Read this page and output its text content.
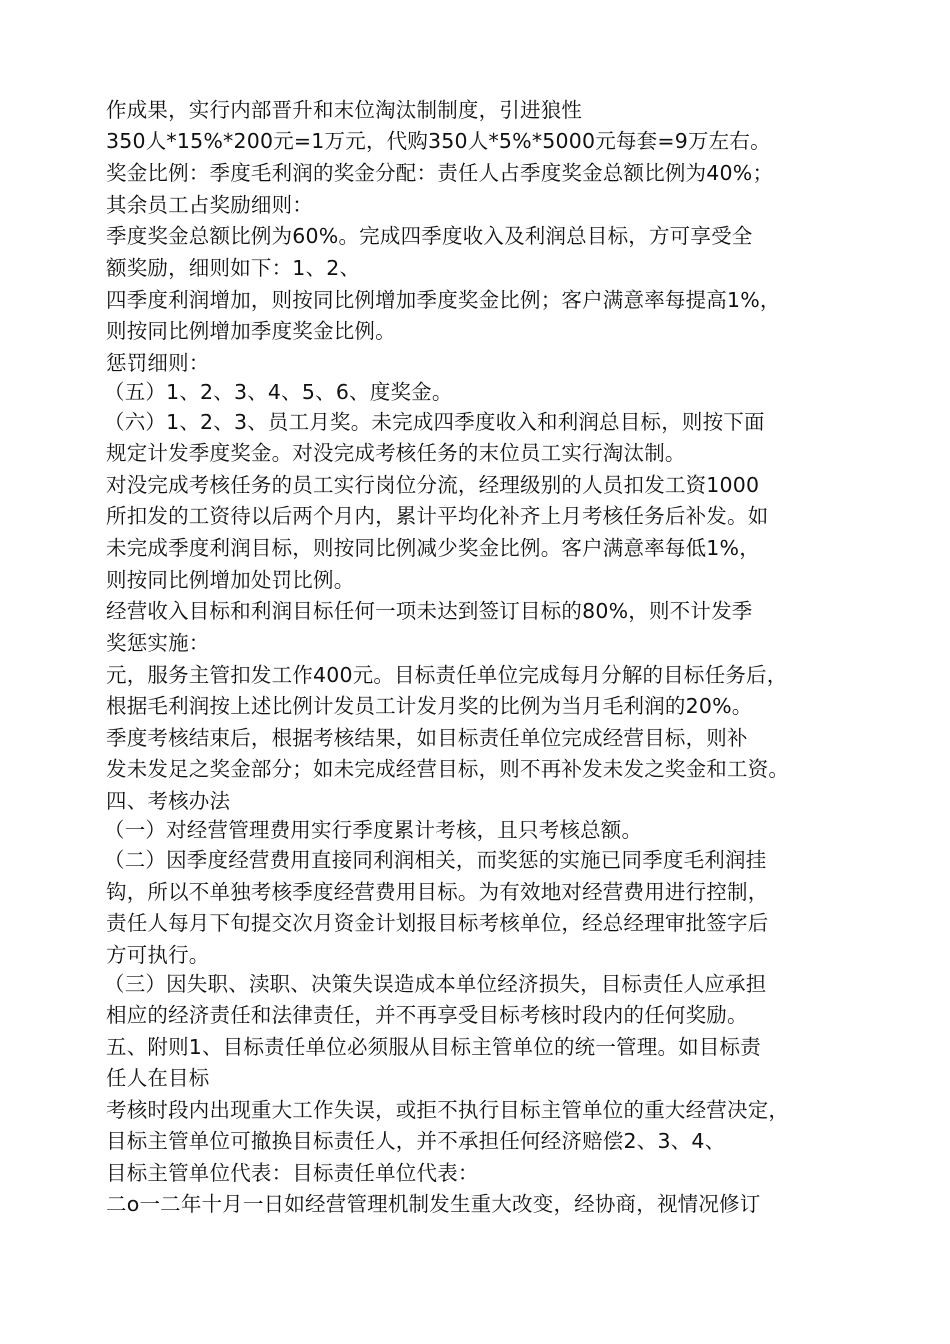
作成果，实行内部晋升和末位淘汰制制度，引进狼性
350人*15%*200元=1万元，代购350人*5%*5000元每套=9万左右。
奖金比例：季度毛利润的奖金分配：责任人占季度奖金总额比例为40%；
其余员工占奖励细则：
季度奖金总额比例为60%。完成四季度收入及利润总目标，方可享受全
额奖励，细则如下：1、2、
四季度利润增加，则按同比例增加季度奖金比例；客户满意率每提高1%，
则按同比例增加季度奖金比例。
惩罚细则：
（五）1、2、3、4、5、6、度奖金。
（六）1、2、3、员工月奖。未完成四季度收入和利润总目标，则按下面
规定计发季度奖金。对没完成考核任务的末位员工实行淘汰制。
对没完成考核任务的员工实行岗位分流，经理级别的人员扣发工资1000
所扣发的工资待以后两个月内，累计平均化补齐上月考核任务后补发。如
未完成季度利润目标，则按同比例减少奖金比例。客户满意率每低1%，
则按同比例增加处罚比例。
经营收入目标和利润目标任何一项未达到签订目标的80%，则不计发季
奖惩实施：
元，服务主管扣发工作400元。目标责任单位完成每月分解的目标任务后，
根据毛利润按上述比例计发员工计发月奖的比例为当月毛利润的20%。
季度考核结束后，根据考核结果，如目标责任单位完成经营目标，则补
发未发足之奖金部分；如未完成经营目标，则不再补发未发之奖金和工资。
四、考核办法
（一）对经营管理费用实行季度累计考核，且只考核总额。
（二）因季度经营费用直接同利润相关，而奖惩的实施已同季度毛利润挂
钩，所以不单独考核季度经营费用目标。为有效地对经营费用进行控制，
责任人每月下旬提交次月资金计划报目标考核单位，经总经理审批签字后
方可执行。
（三）因失职、渎职、决策失误造成本单位经济损失，目标责任人应承担
相应的经济责任和法律责任，并不再享受目标考核时段内的任何奖励。
五、附则1、目标责任单位必须服从目标主管单位的统一管理。如目标责
任人在目标
考核时段内出现重大工作失误，或拒不执行目标主管单位的重大经营决定，
目标主管单位可撤换目标责任人，并不承担任何经济赔偿2、3、4、
目标主管单位代表：目标责任单位代表：
二o一二年十月一日如经营管理机制发生重大改变，经协商，视情况修订
